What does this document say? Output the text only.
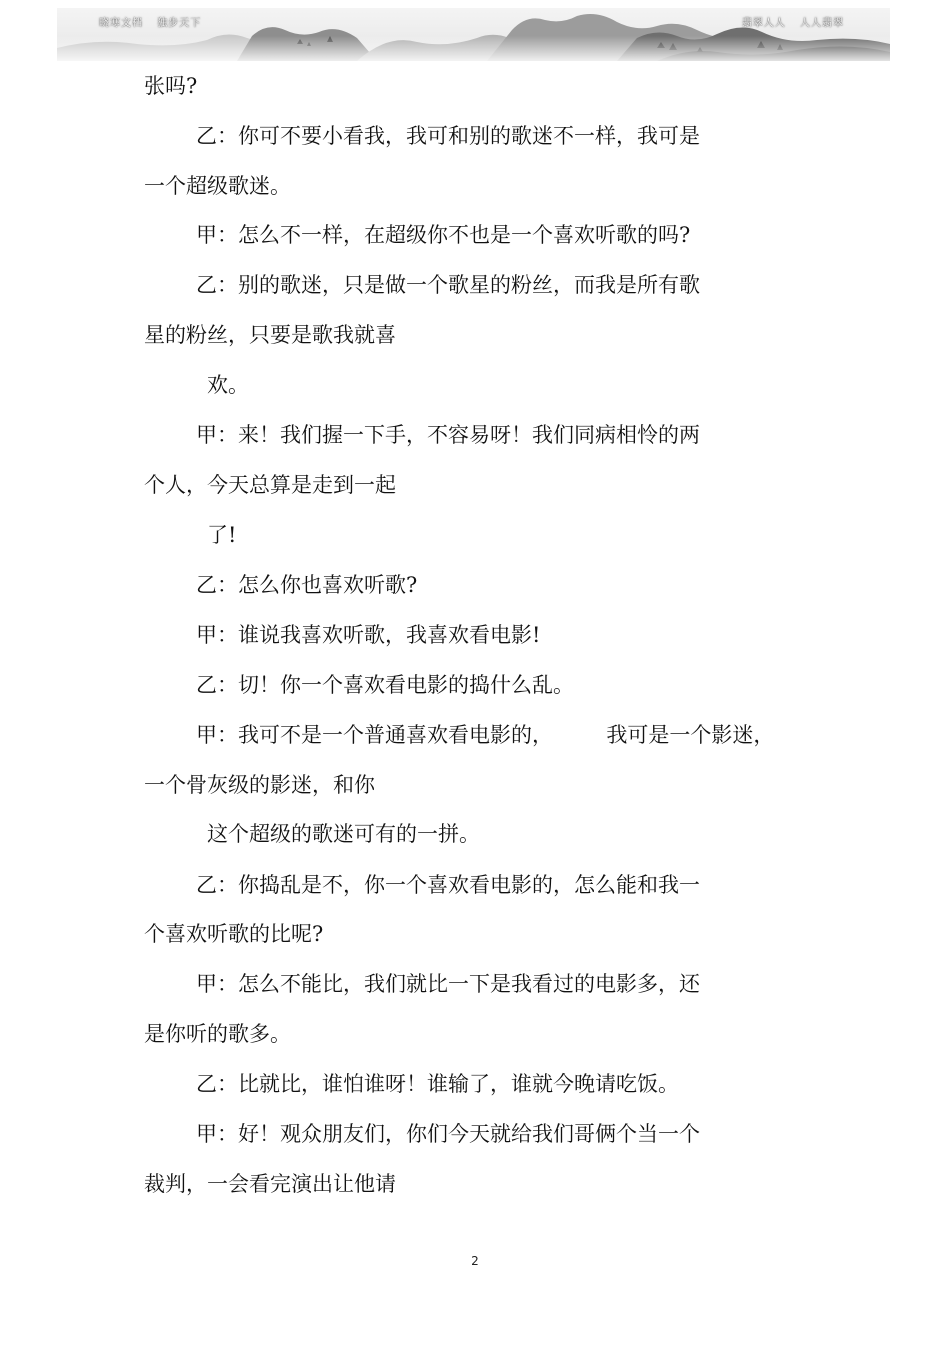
晓寒文档 独步天下	翡翠人人 人人翡翠
张吗?
乙：你可不要小看我，我可和别的歌迷不一样，我可是
一个超级歌迷。
甲：怎么不一样，在超级你不也是一个喜欢听歌的吗?
乙：别的歌迷，只是做一个歌星的粉丝，而我是所有歌
星的粉丝，只要是歌我就喜
欢。
甲：来！我们握一下手，不容易呀！我们同病相怜的两
个人，今天总算是走到一起
了!
乙：怎么你也喜欢听歌?
甲：谁说我喜欢听歌，我喜欢看电影!
乙：切！你一个喜欢看电影的捣什么乱。
甲：我可不是一个普通喜欢看电影的，        我可是一个影迷，
一个骨灰级的影迷，和你
这个超级的歌迷可有的一拼。
乙：你捣乱是不，你一个喜欢看电影的，怎么能和我一
个喜欢听歌的比呢?
甲：怎么不能比，我们就比一下是我看过的电影多，还
是你听的歌多。
乙：比就比，谁怕谁呀！谁输了，谁就今晚请吃饭。
甲：好！观众朋友们，你们今天就给我们哥俩个当一个
裁判，一会看完演出让他请
2
